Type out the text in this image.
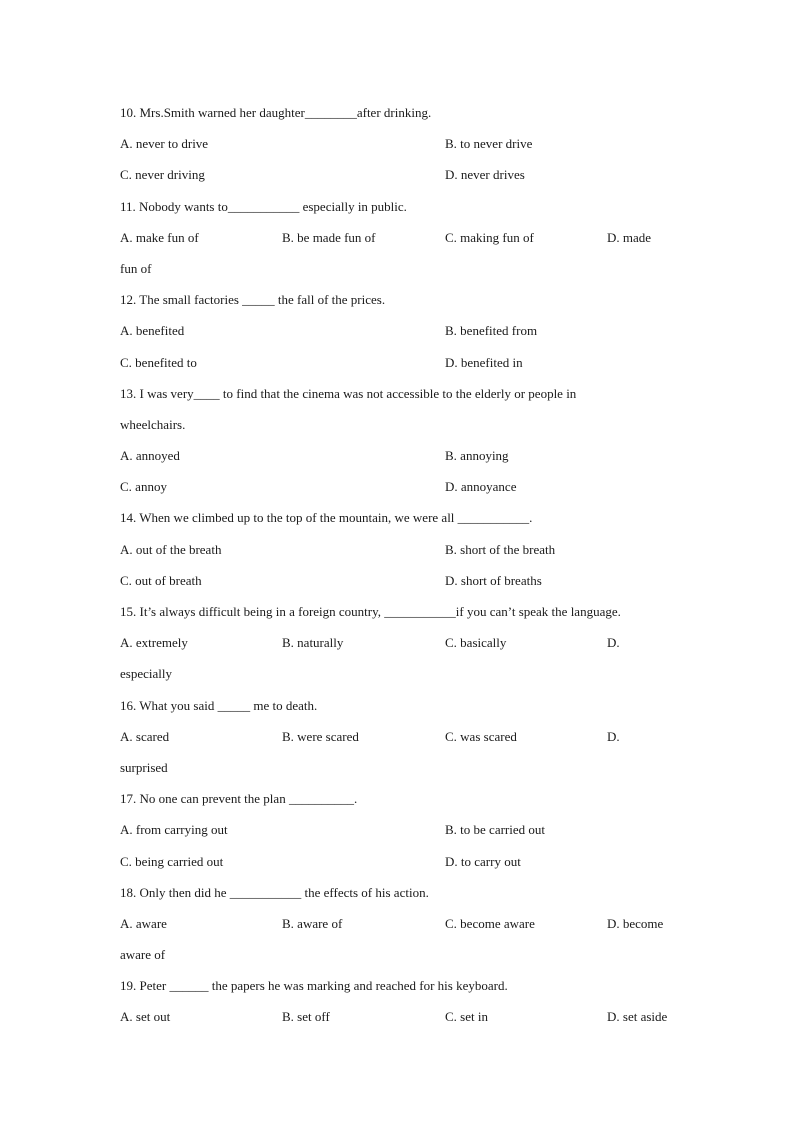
10. Mrs.Smith warned her daughter________after drinking.
A. never to drive	B. to never drive
C. never driving	D. never drives
11. Nobody wants to___________ especially in public.
A. make fun of	B. be made fun of	C. making fun of	D. made
fun of
12. The small factories _____ the fall of the prices.
A. benefited	B. benefited from
C. benefited to	D. benefited in
13. I was very____ to find that the cinema was not accessible to the elderly or people in
wheelchairs.
A. annoyed	B. annoying
C. annoy	D. annoyance
14. When we climbed up to the top of the mountain, we were all ___________.
A. out of the breath	B. short of the breath
C. out of breath	D. short of breaths
15. It’s always difficult being in a foreign country, ___________if you can’t speak the language.
A. extremely	B. naturally	C. basically	D.
especially
16. What you said _____ me to death.
A. scared	B. were scared	C. was scared	D.
surprised
17. No one can prevent the plan __________.
A. from carrying out	B. to be carried out
C. being carried out	D. to carry out
18. Only then did he ___________ the effects of his action.
A. aware	B. aware of	C. become aware	D. become
aware of
19. Peter ______ the papers he was marking and reached for his keyboard.
A. set out	B. set off	C. set in	D. set aside
